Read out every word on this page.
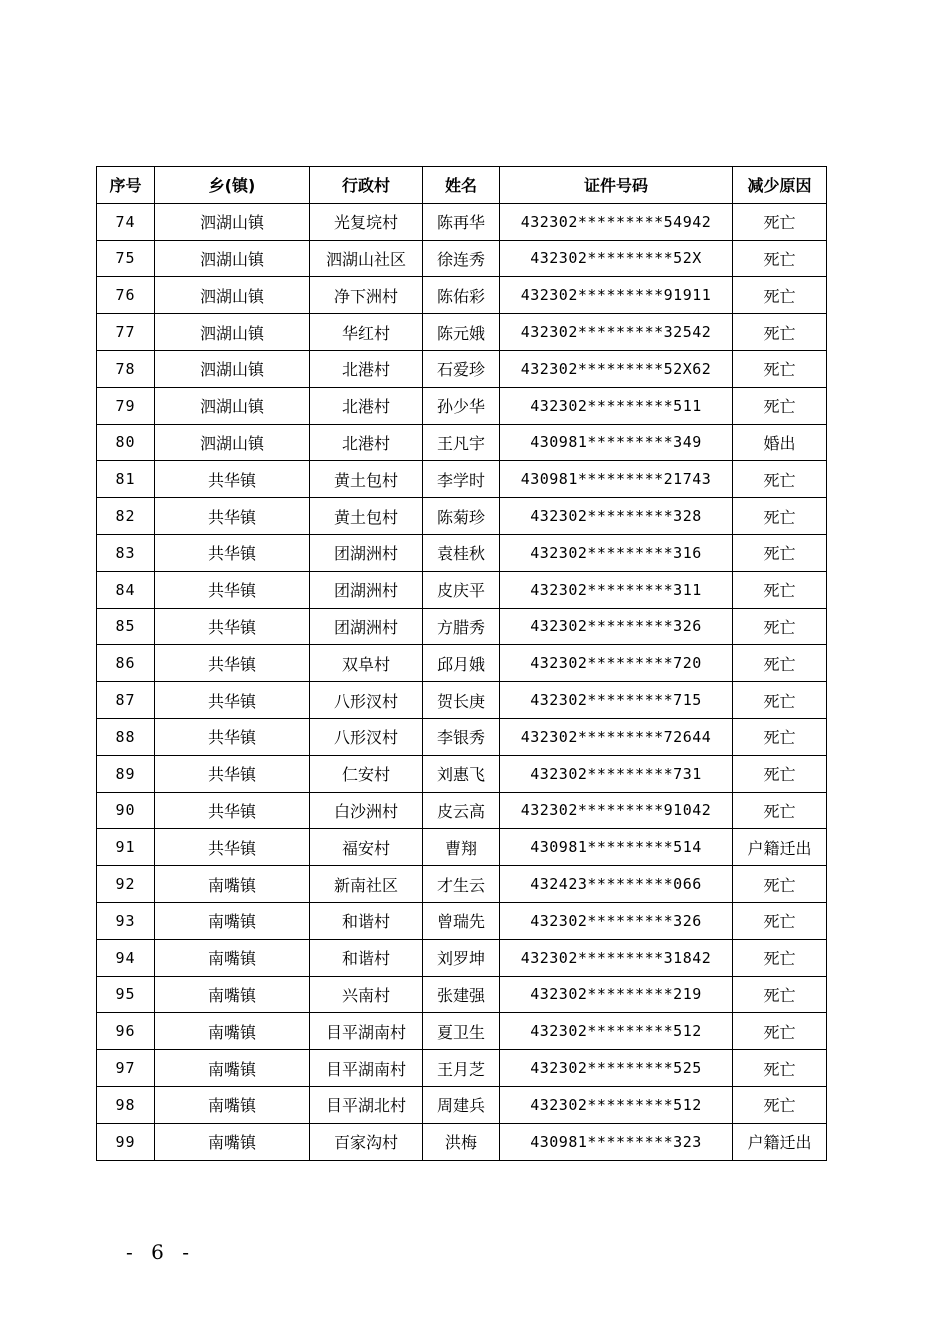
序号	乡(镇)	行政村	姓名	证件号码	减少原因
74	泗湖山镇	光复垸村	陈再华	432302*********54942	死亡
75	泗湖山镇	泗湖山社区	徐连秀	432302*********52X	死亡
76	泗湖山镇	净下洲村	陈佑彩	432302*********91911	死亡
77	泗湖山镇	华红村	陈元娥	432302*********32542	死亡
78	泗湖山镇	北港村	石爱珍	432302*********52X62	死亡
79	泗湖山镇	北港村	孙少华	432302*********511	死亡
80	泗湖山镇	北港村	王凡宇	430981*********349	婚出
81	共华镇	黄土包村	李学时	430981*********21743	死亡
82	共华镇	黄土包村	陈菊珍	432302*********328	死亡
83	共华镇	团湖洲村	袁桂秋	432302*********316	死亡
84	共华镇	团湖洲村	皮庆平	432302*********311	死亡
85	共华镇	团湖洲村	方腊秀	432302*********326	死亡
86	共华镇	双阜村	邱月娥	432302*********720	死亡
87	共华镇	八形汊村	贺长庚	432302*********715	死亡
88	共华镇	八形汊村	李银秀	432302*********72644	死亡
89	共华镇	仁安村	刘惠飞	432302*********731	死亡
90	共华镇	白沙洲村	皮云高	432302*********91042	死亡
91	共华镇	福安村	曹翔	430981*********514	户籍迁出
92	南嘴镇	新南社区	才生云	432423*********066	死亡
93	南嘴镇	和谐村	曾瑞先	432302*********326	死亡
94	南嘴镇	和谐村	刘罗坤	432302*********31842	死亡
95	南嘴镇	兴南村	张建强	432302*********219	死亡
96	南嘴镇	目平湖南村	夏卫生	432302*********512	死亡
97	南嘴镇	目平湖南村	王月芝	432302*********525	死亡
98	南嘴镇	目平湖北村	周建兵	432302*********512	死亡
99	南嘴镇	百家沟村	洪梅	430981*********323	户籍迁出
- 6 -
